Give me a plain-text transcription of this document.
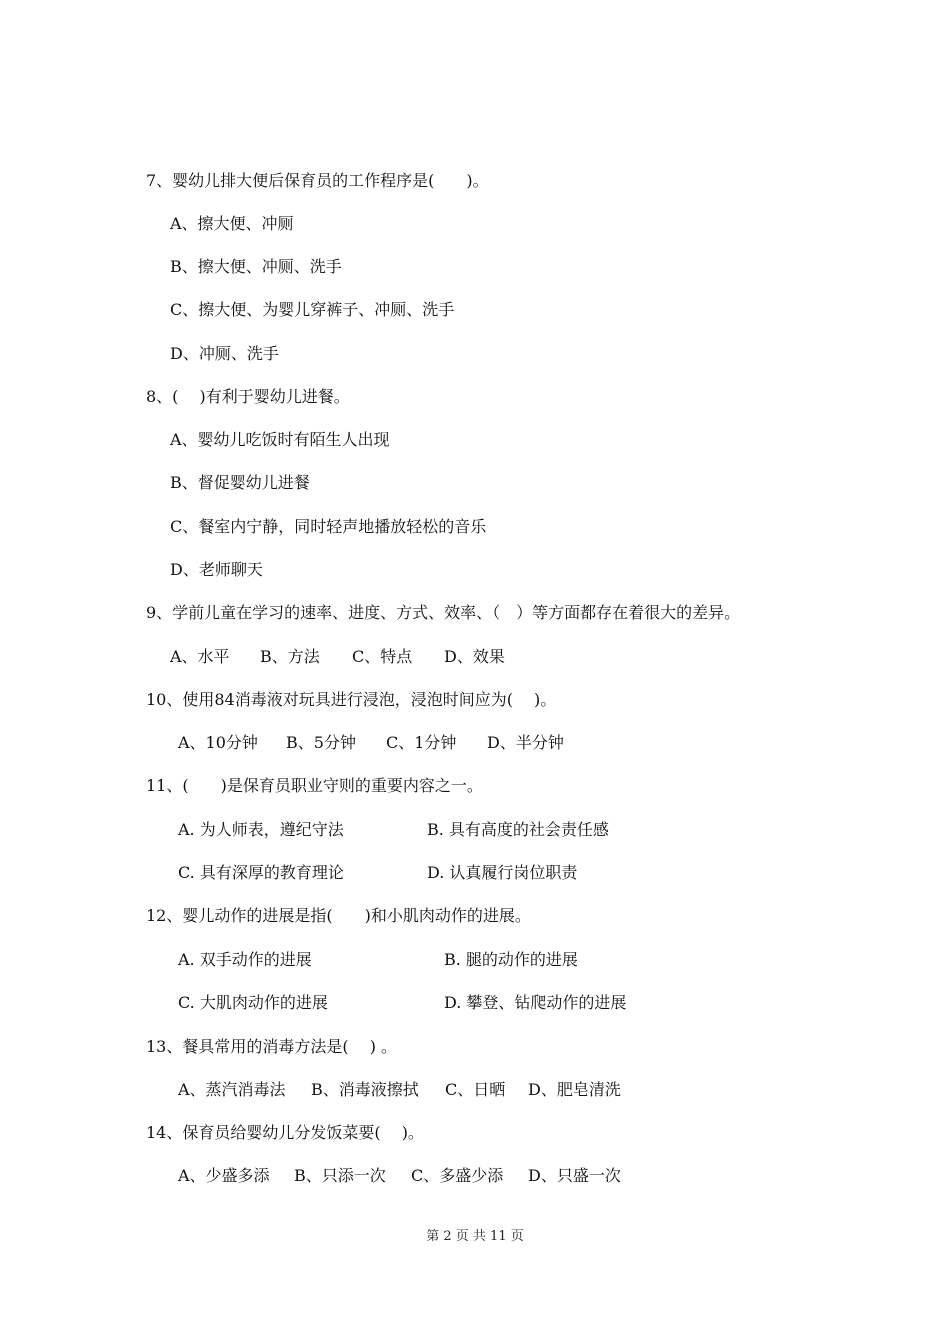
7、婴幼儿排大便后保育员的工作程序是(　　)。
A、擦大便、冲厕
B、擦大便、冲厕、洗手
C、擦大便、为婴儿穿裤子、冲厕、洗手
D、冲厕、洗手
8、(　 )有利于婴幼儿进餐。
A、婴幼儿吃饭时有陌生人出现
B、督促婴幼儿进餐
C、餐室内宁静，同时轻声地播放轻松的音乐
D、老师聊天
9、学前儿童在学习的速率、进度、方式、效率、（　）等方面都存在着很大的差异。
A、水平 B、方法 C、特点 D、效果
10、使用84消毒液对玩具进行浸泡，浸泡时间应为(　 )。
A、10分钟 B、5分钟 C、1分钟 D、半分钟
11、(　　)是保育员职业守则的重要内容之一。
A. 为人师表，遵纪守法	B. 具有高度的社会责任感
C. 具有深厚的教育理论	D. 认真履行岗位职责
12、婴儿动作的进展是指(　　)和小肌肉动作的进展。
A. 双手动作的进展	B. 腿的动作的进展
C. 大肌肉动作的进展	D. 攀登、钻爬动作的进展
13、餐具常用的消毒方法是(　 ) 。
A、蒸汽消毒法 B、消毒液擦拭 C、日晒 D、肥皂清洗
14、保育员给婴幼儿分发饭菜要(　 )。
A、少盛多添 B、只添一次 C、多盛少添 D、只盛一次
第 2 页 共 11 页
